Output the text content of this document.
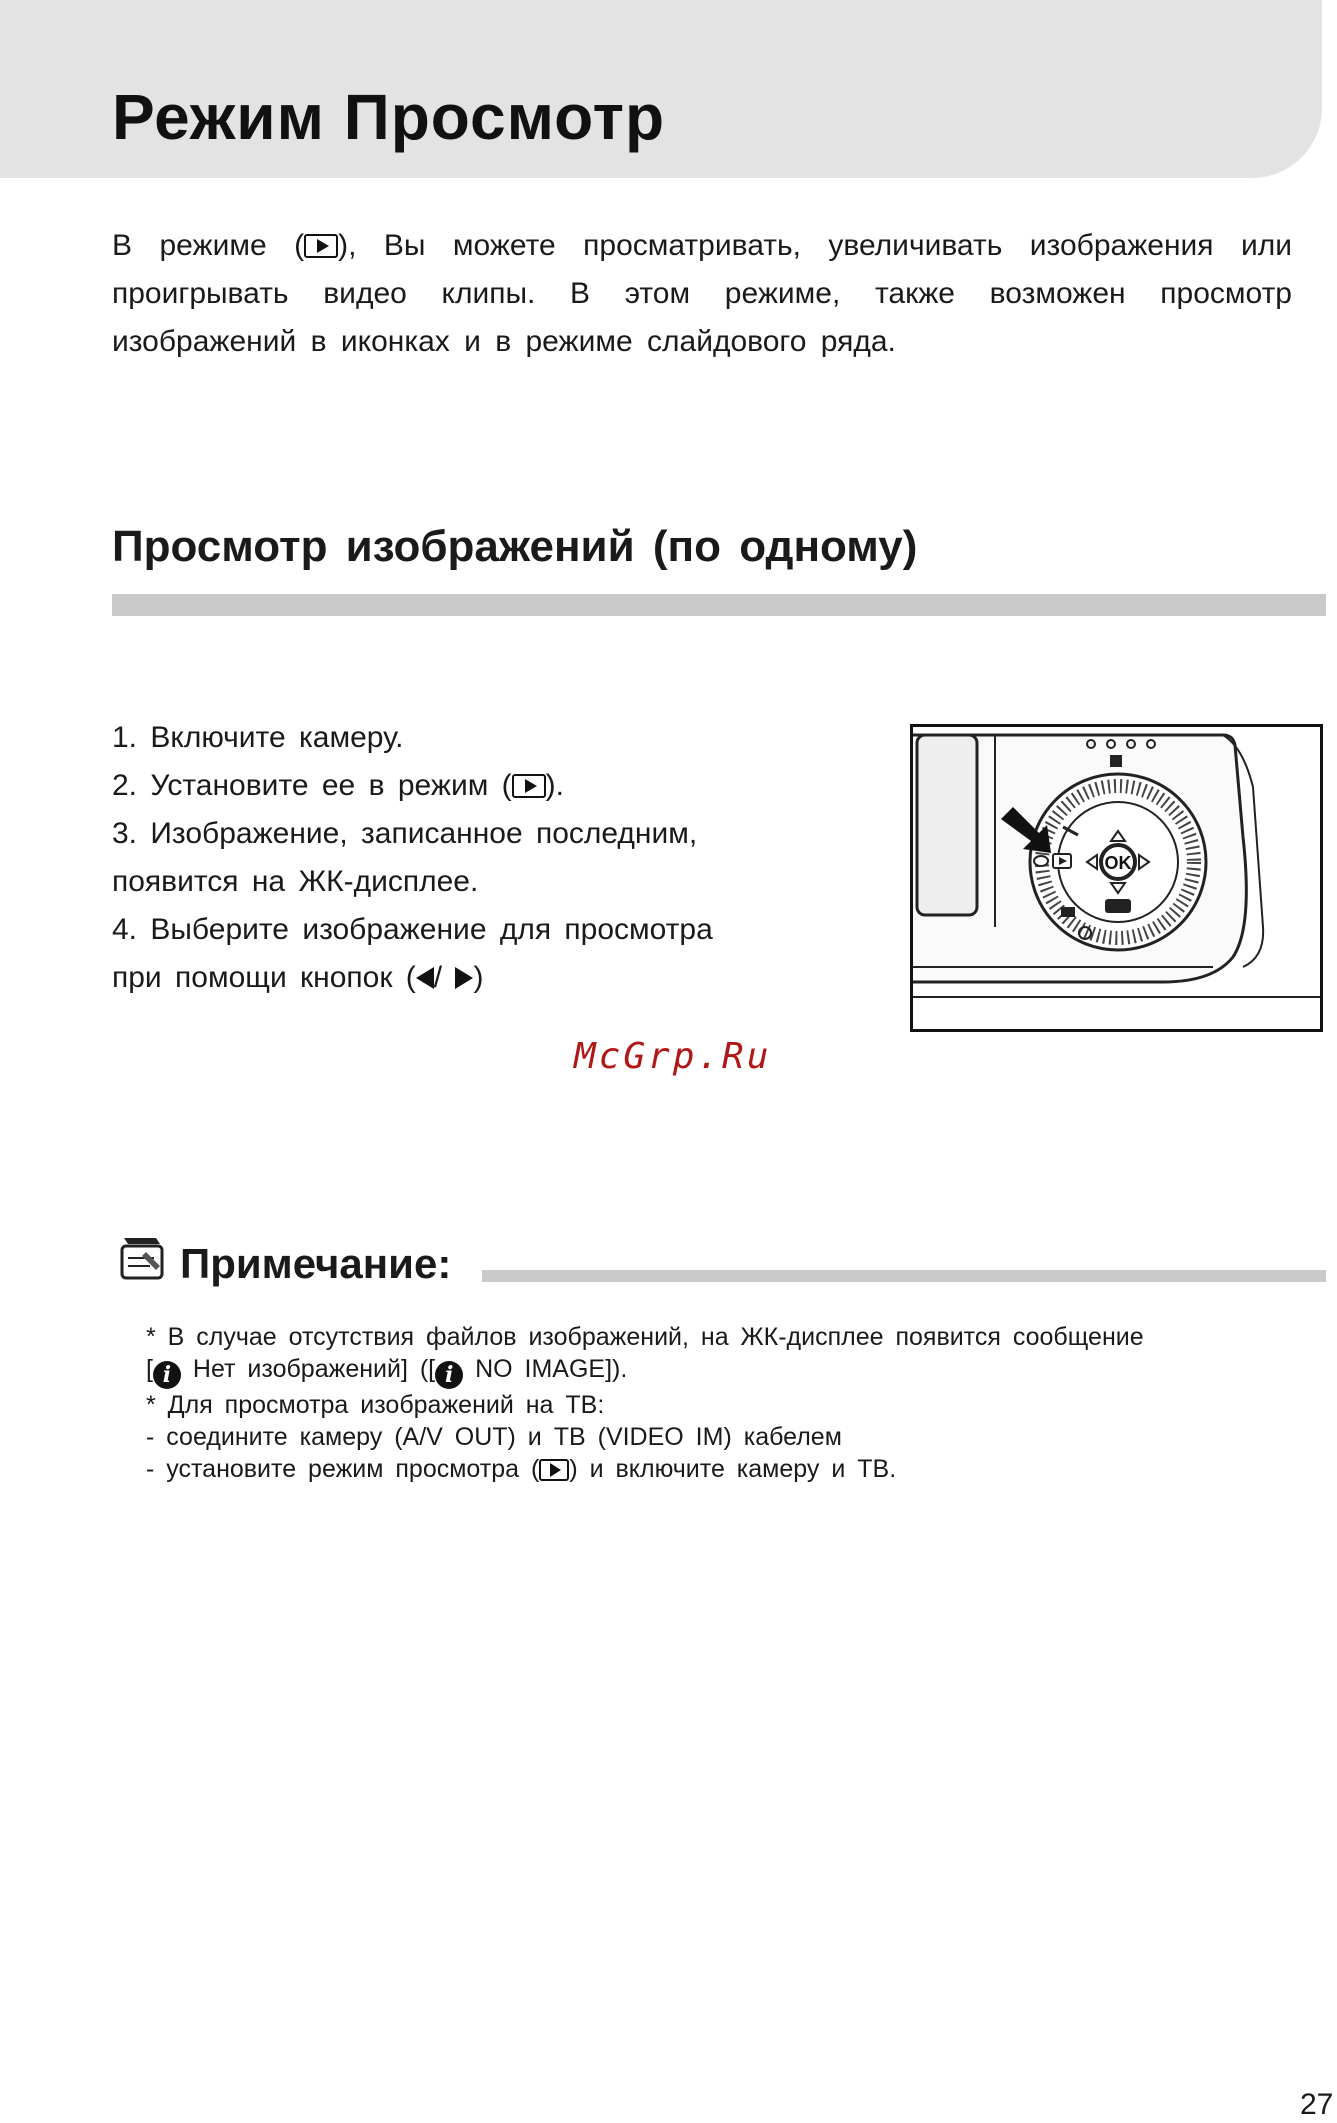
Режим Просмотр

В режиме ( ), Вы можете просматривать, увеличивать изображения или проигрывать видео клипы. В этом режиме, также возможен просмотр изображений в иконках и в режиме слайдового ряда.

Просмотр изображений (по одному)
1. Включите камеру.
2. Установите ее в режим ( ).
3. Изображение, записанное последним,
появится на ЖК-дисплее.
4. Выберите изображение для просмотра
при помощи кнопок ( / )
OK
McGrp.Ru
Примечание:
* В случае отсутствия файлов изображений, на ЖК-дисплее появится сообщение
[ i Нет изображений] ([ i NO IMAGE]).
* Для просмотра изображений на ТВ:
- соедините камеру (A/V OUT) и ТВ (VIDEO IM) кабелем
- установите режим просмотра ( ) и включите камеру и ТВ.

27
